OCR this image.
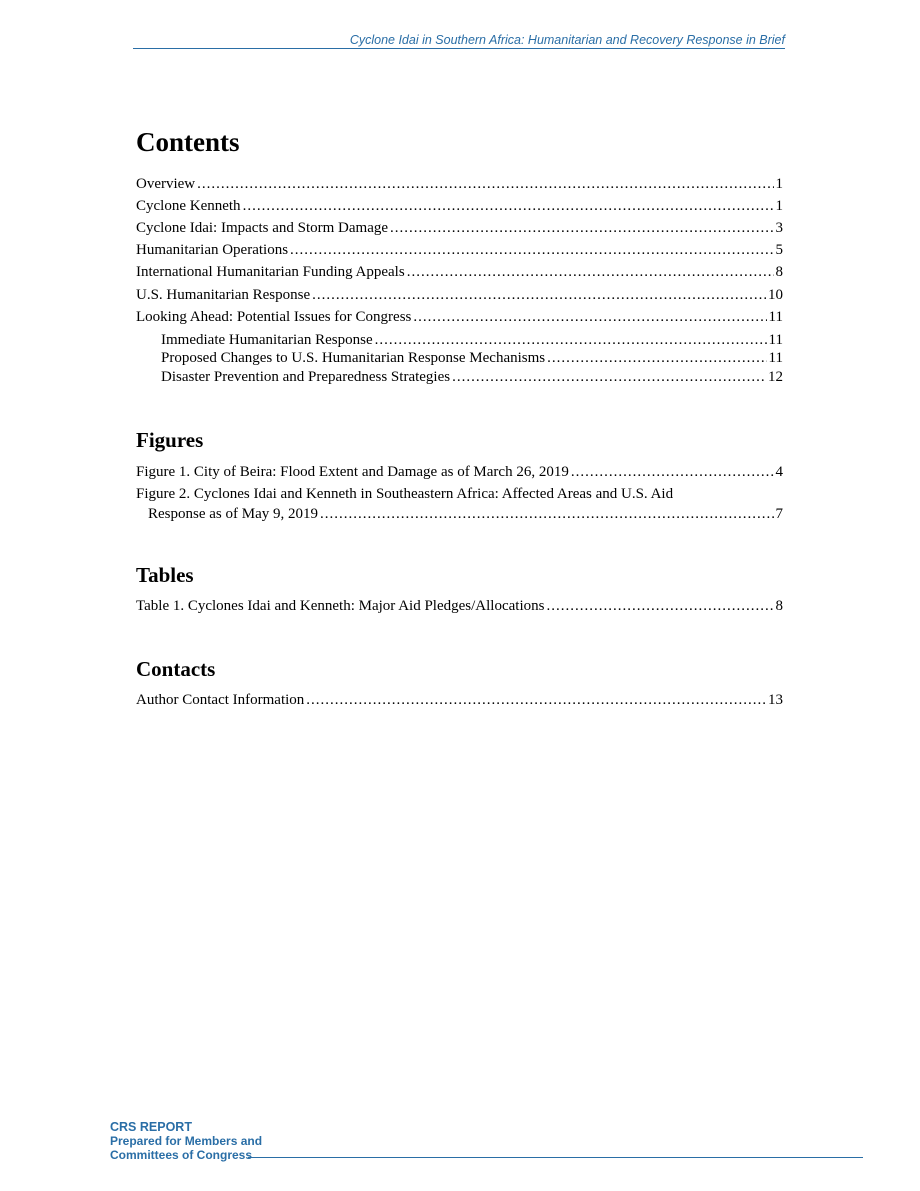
Cyclone Idai in Southern Africa: Humanitarian and Recovery Response in Brief
Contents
Overview .....	1
Cyclone Kenneth .....	1
Cyclone Idai: Impacts and Storm Damage .....	3
Humanitarian Operations .....	5
International Humanitarian Funding Appeals .....	8
U.S. Humanitarian Response .....	10
Looking Ahead: Potential Issues for Congress .....	11
Immediate Humanitarian Response .....	11
Proposed Changes to U.S. Humanitarian Response Mechanisms .....	11
Disaster Prevention and Preparedness Strategies .....	12
Figures
Figure 1. City of Beira: Flood Extent and Damage as of March 26, 2019 .....	4
Figure 2. Cyclones Idai and Kenneth in Southeastern Africa: Affected Areas and U.S. Aid
Response as of May 9, 2019 .....	7
Tables
Table 1. Cyclones Idai and Kenneth: Major Aid Pledges/Allocations .....	8
Contacts
Author Contact Information .....	13
CRS REPORT
Prepared for Members and
Committees of Congress
